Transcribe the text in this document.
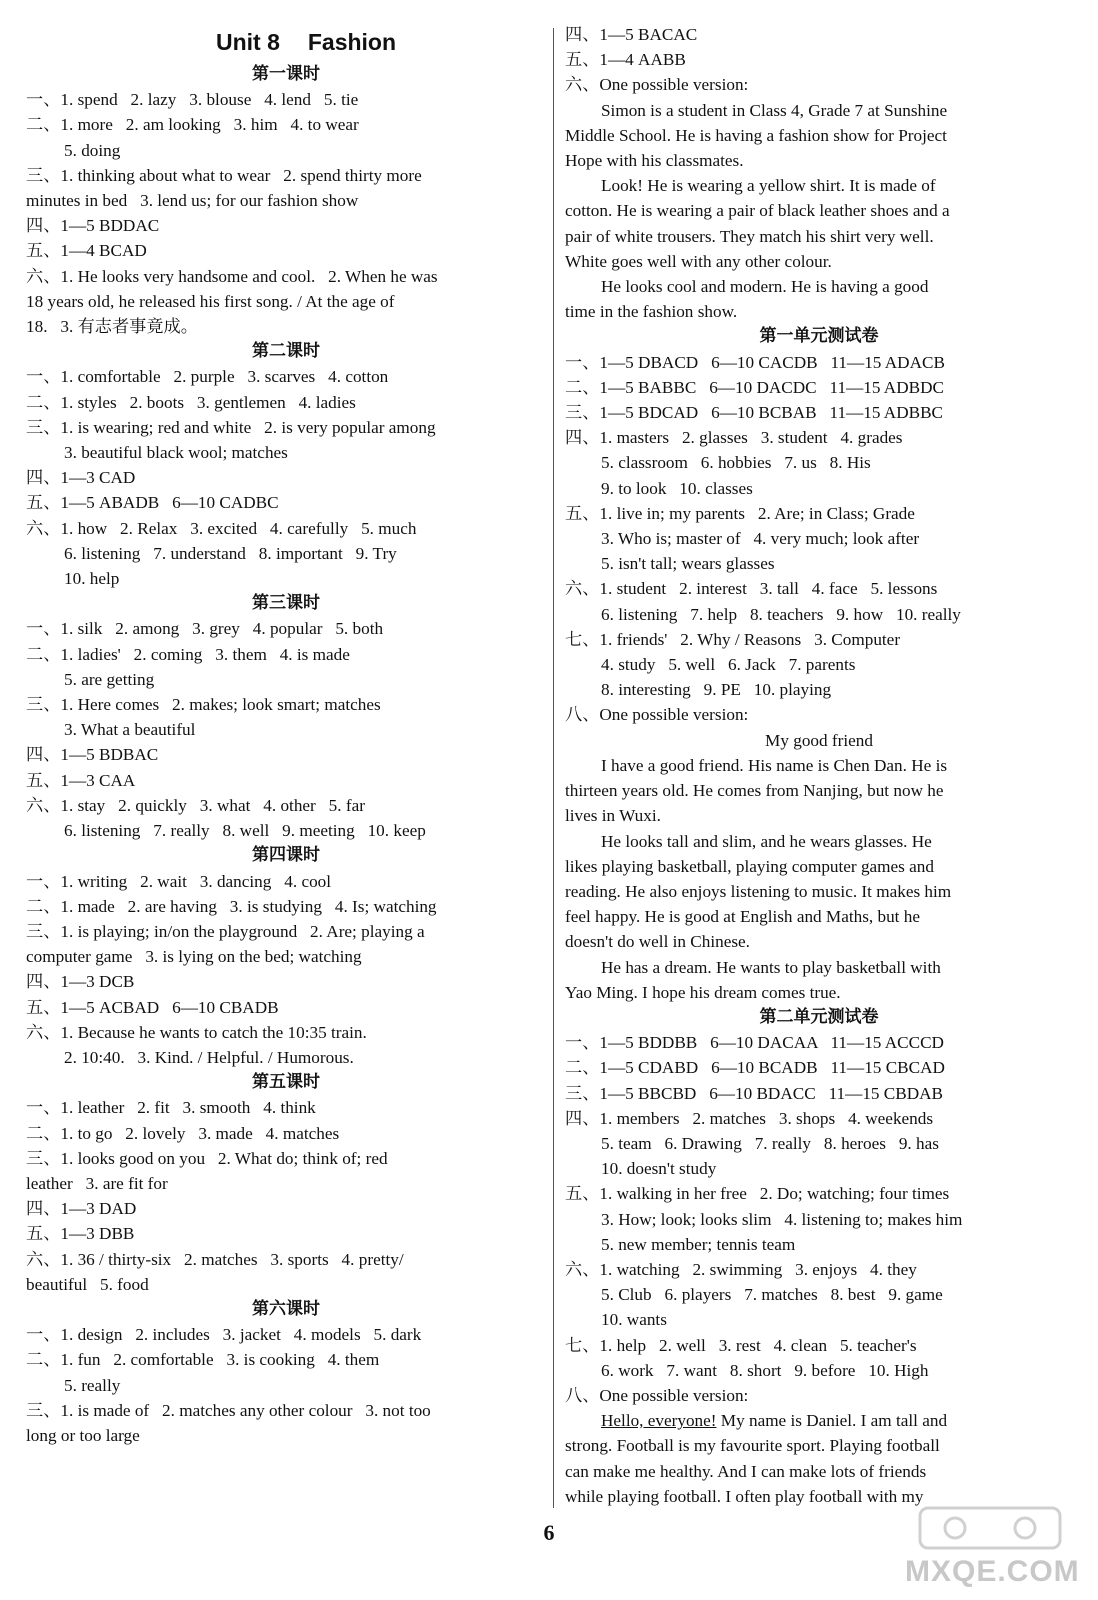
Unit 8 Fashion
第一课时
一、1. spend   2. lazy   3. blouse   4. lend   5. tie
二、1. more   2. am looking   3. him   4. to wear
5. doing
三、1. thinking about what to wear   2. spend thirty more
minutes in bed   3. lend us; for our fashion show
四、1—5 BDDAC
五、1—4 BCAD
六、1. He looks very handsome and cool.   2. When he was
18 years old, he released his first song. / At the age of
18.   3. 有志者事竟成。
第二课时
一、1. comfortable   2. purple   3. scarves   4. cotton
二、1. styles   2. boots   3. gentlemen   4. ladies
三、1. is wearing; red and white   2. is very popular among
3. beautiful black wool; matches
四、1—3 CAD
五、1—5 ABADB   6—10 CADBC
六、1. how   2. Relax   3. excited   4. carefully   5. much
6. listening   7. understand   8. important   9. Try
10. help
第三课时
一、1. silk   2. among   3. grey   4. popular   5. both
二、1. ladies'   2. coming   3. them   4. is made
5. are getting
三、1. Here comes   2. makes; look smart; matches
3. What a beautiful
四、1—5 BDBAC
五、1—3 CAA
六、1. stay   2. quickly   3. what   4. other   5. far
6. listening   7. really   8. well   9. meeting   10. keep
第四课时
一、1. writing   2. wait   3. dancing   4. cool
二、1. made   2. are having   3. is studying   4. Is; watching
三、1. is playing; in/on the playground   2. Are; playing a
computer game   3. is lying on the bed; watching
四、1—3 DCB
五、1—5 ACBAD   6—10 CBADB
六、1. Because he wants to catch the 10:35 train.
2. 10:40.   3. Kind. / Helpful. / Humorous.
第五课时
一、1. leather   2. fit   3. smooth   4. think
二、1. to go   2. lovely   3. made   4. matches
三、1. looks good on you   2. What do; think of; red
leather   3. are fit for
四、1—3 DAD
五、1—3 DBB
六、1. 36 / thirty-six   2. matches   3. sports   4. pretty/
beautiful   5. food
第六课时
一、1. design   2. includes   3. jacket   4. models   5. dark
二、1. fun   2. comfortable   3. is cooking   4. them
5. really
三、1. is made of   2. matches any other colour   3. not too
long or too large
四、1—5 BACAC
五、1—4 AABB
六、One possible version:
Simon is a student in Class 4, Grade 7 at Sunshine
Middle School. He is having a fashion show for Project
Hope with his classmates.
Look! He is wearing a yellow shirt. It is made of
cotton. He is wearing a pair of black leather shoes and a
pair of white trousers. They match his shirt very well.
White goes well with any other colour.
He looks cool and modern. He is having a good
time in the fashion show.
第一单元测试卷
一、1—5 DBACD   6—10 CACDB   11—15 ADACB
二、1—5 BABBC   6—10 DACDC   11—15 ADBDC
三、1—5 BDCAD   6—10 BCBAB   11—15 ADBBC
四、1. masters   2. glasses   3. student   4. grades
5. classroom   6. hobbies   7. us   8. His
9. to look   10. classes
五、1. live in; my parents   2. Are; in Class; Grade
3. Who is; master of   4. very much; look after
5. isn't tall; wears glasses
六、1. student   2. interest   3. tall   4. face   5. lessons
6. listening   7. help   8. teachers   9. how   10. really
七、1. friends'   2. Why / Reasons   3. Computer
4. study   5. well   6. Jack   7. parents
8. interesting   9. PE   10. playing
八、One possible version:
My good friend
I have a good friend. His name is Chen Dan. He is
thirteen years old. He comes from Nanjing, but now he
lives in Wuxi.
He looks tall and slim, and he wears glasses. He
likes playing basketball, playing computer games and
reading. He also enjoys listening to music. It makes him
feel happy. He is good at English and Maths, but he
doesn't do well in Chinese.
He has a dream. He wants to play basketball with
Yao Ming. I hope his dream comes true.
第二单元测试卷
一、1—5 BDDBB   6—10 DACAA   11—15 ACCCD
二、1—5 CDABD   6—10 BCADB   11—15 CBCAD
三、1—5 BBCBD   6—10 BDACC   11—15 CBDAB
四、1. members   2. matches   3. shops   4. weekends
5. team   6. Drawing   7. really   8. heroes   9. has
10. doesn't study
五、1. walking in her free   2. Do; watching; four times
3. How; look; looks slim   4. listening to; makes him
5. new member; tennis team
六、1. watching   2. swimming   3. enjoys   4. they
5. Club   6. players   7. matches   8. best   9. game
10. wants
七、1. help   2. well   3. rest   4. clean   5. teacher's
6. work   7. want   8. short   9. before   10. High
八、One possible version:
Hello, everyone! My name is Daniel. I am tall and
strong. Football is my favourite sport. Playing football
can make me healthy. And I can make lots of friends
while playing football. I often play football with my
6
MXQE.COM
